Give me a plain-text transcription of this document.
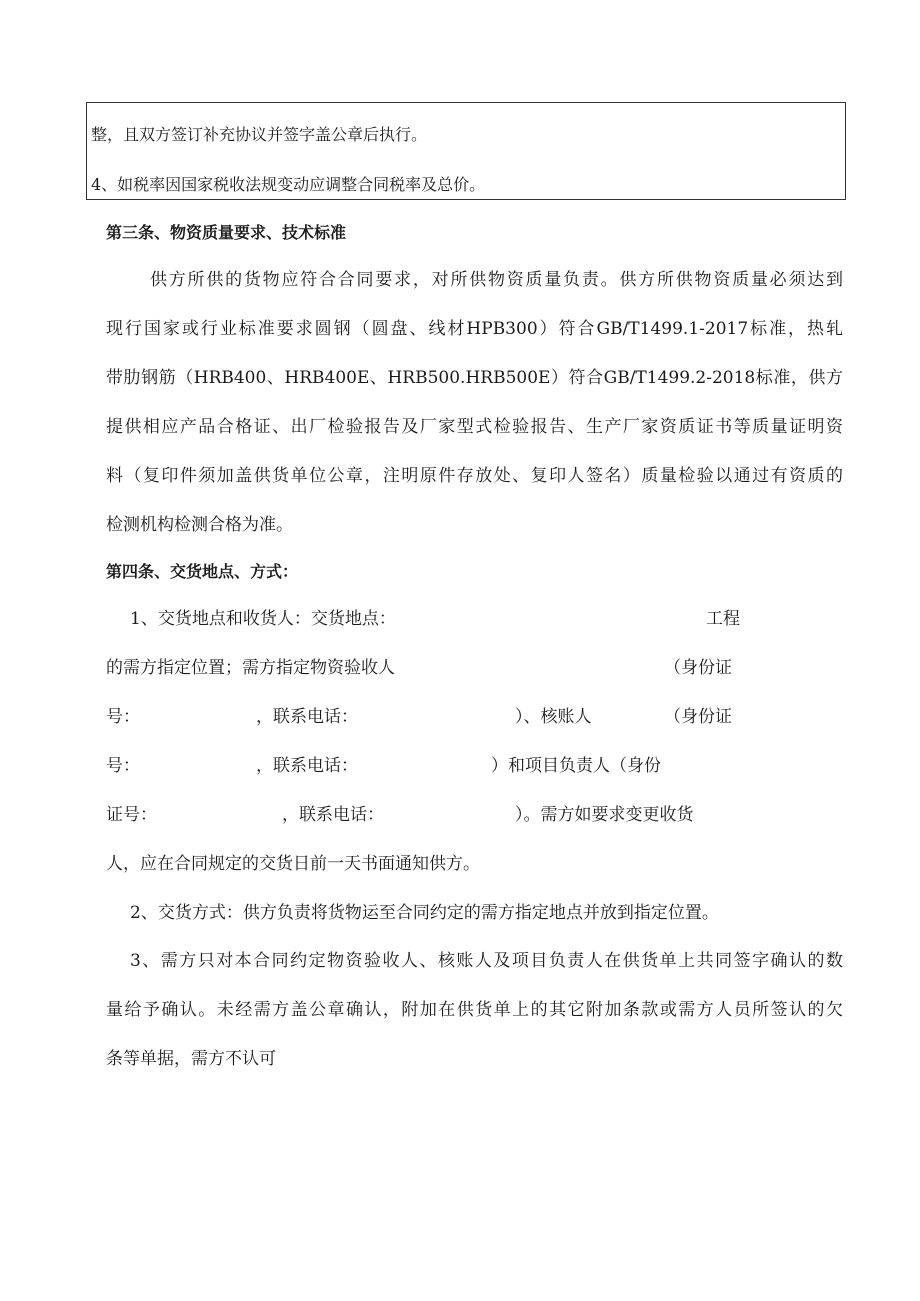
整，且双方签订补充协议并签字盖公章后执行。
4、如税率因国家税收法规变动应调整合同税率及总价。
第三条、物资质量要求、技术标准
供方所供的货物应符合合同要求，对所供物资质量负责。供方所供物资质量必须达到
现行国家或行业标准要求圆钢（圆盘、线材HPB300）符合GB/T1499.1-2017标准，热轧
带肋钢筋（HRB400、HRB400E、HRB500.HRB500E）符合GB/T1499.2-2018标准，供方
提供相应产品合格证、出厂检验报告及厂家型式检验报告、生产厂家资质证书等质量证明资
料（复印件须加盖供货单位公章，注明原件存放处、复印人签名）质量检验以通过有资质的
检测机构检测合格为准。
第四条、交货地点、方式：
1、交货地点和收货人：交货地点：	工程
的需方指定位置；需方指定物资验收人	（身份证
号：	，联系电话：	）、核账人	（身份证
号：	，联系电话：	）和项目负责人（身份
证号：	，联系电话：	）。需方如要求变更收货
人，应在合同规定的交货日前一天书面通知供方。
2、交货方式：供方负责将货物运至合同约定的需方指定地点并放到指定位置。
3、需方只对本合同约定物资验收人、核账人及项目负责人在供货单上共同签字确认的数
量给予确认。未经需方盖公章确认，附加在供货单上的其它附加条款或需方人员所签认的欠
条等单据，需方不认可
